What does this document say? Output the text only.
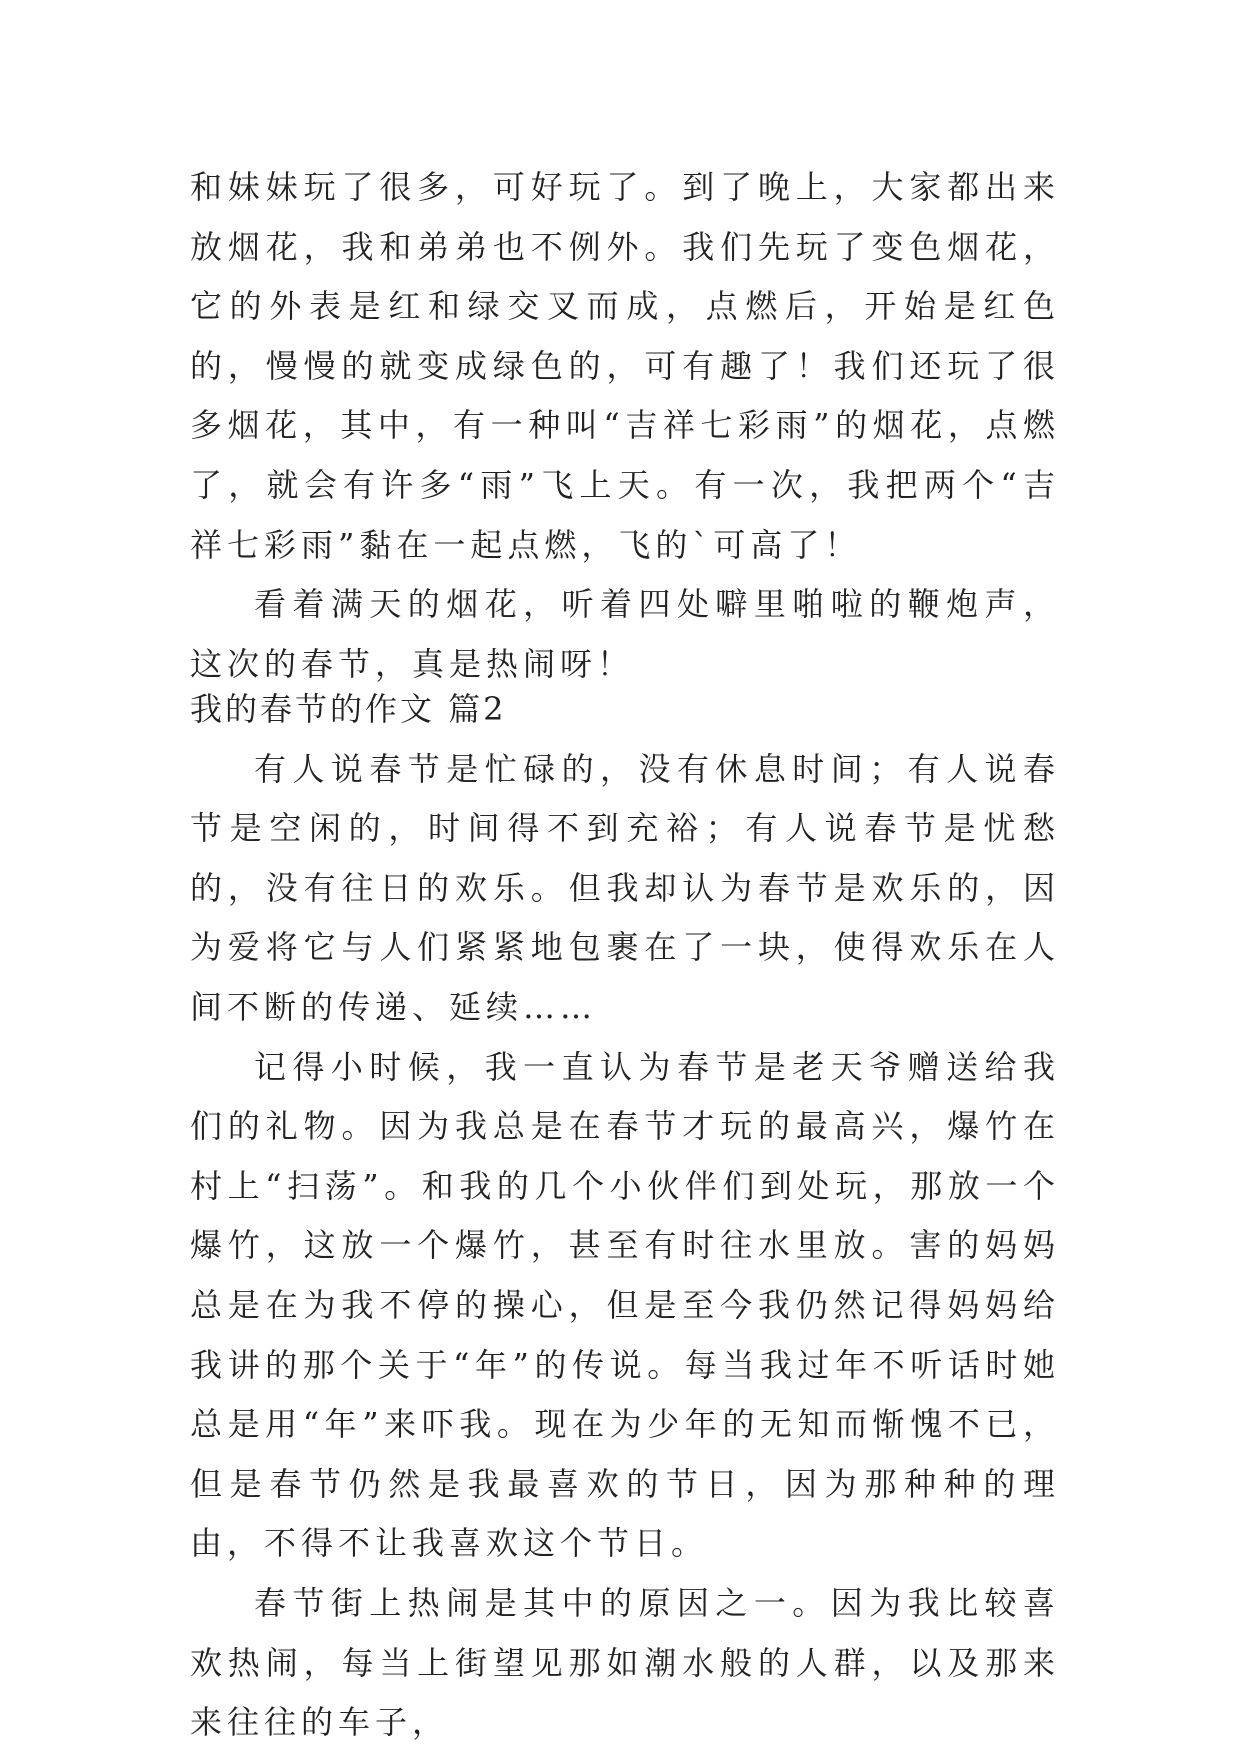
和妹妹玩了很多，可好玩了。到了晚上，大家都出来放烟花，我和弟弟也不例外。我们先玩了变色烟花，它的外表是红和绿交叉而成，点燃后，开始是红色的，慢慢的就变成绿色的，可有趣了！我们还玩了很多烟花，其中，有一种叫“吉祥七彩雨”的烟花，点燃了，就会有许多“雨”飞上天。有一次，我把两个“吉祥七彩雨”黏在一起点燃，飞的`可高了！

看着满天的烟花，听着四处噼里啪啦的鞭炮声，这次的春节，真是热闹呀！

我的春节的作文 篇2

有人说春节是忙碌的，没有休息时间；有人说春节是空闲的，时间得不到充裕；有人说春节是忧愁的，没有往日的欢乐。但我却认为春节是欢乐的，因为爱将它与人们紧紧地包裹在了一块，使得欢乐在人间不断的传递、延续……

记得小时候，我一直认为春节是老天爷赠送给我们的礼物。因为我总是在春节才玩的最高兴，爆竹在村上“扫荡”。和我的几个小伙伴们到处玩，那放一个爆竹，这放一个爆竹，甚至有时往水里放。害的妈妈总是在为我不停的操心，但是至今我仍然记得妈妈给我讲的那个关于“年”的传说。每当我过年不听话时她总是用“年”来吓我。现在为少年的无知而惭愧不已，但是春节仍然是我最喜欢的节日，因为那种种的理由，不得不让我喜欢这个节日。

春节街上热闹是其中的原因之一。因为我比较喜欢热闹，每当上街望见那如潮水般的人群，以及那来来往往的车子，
